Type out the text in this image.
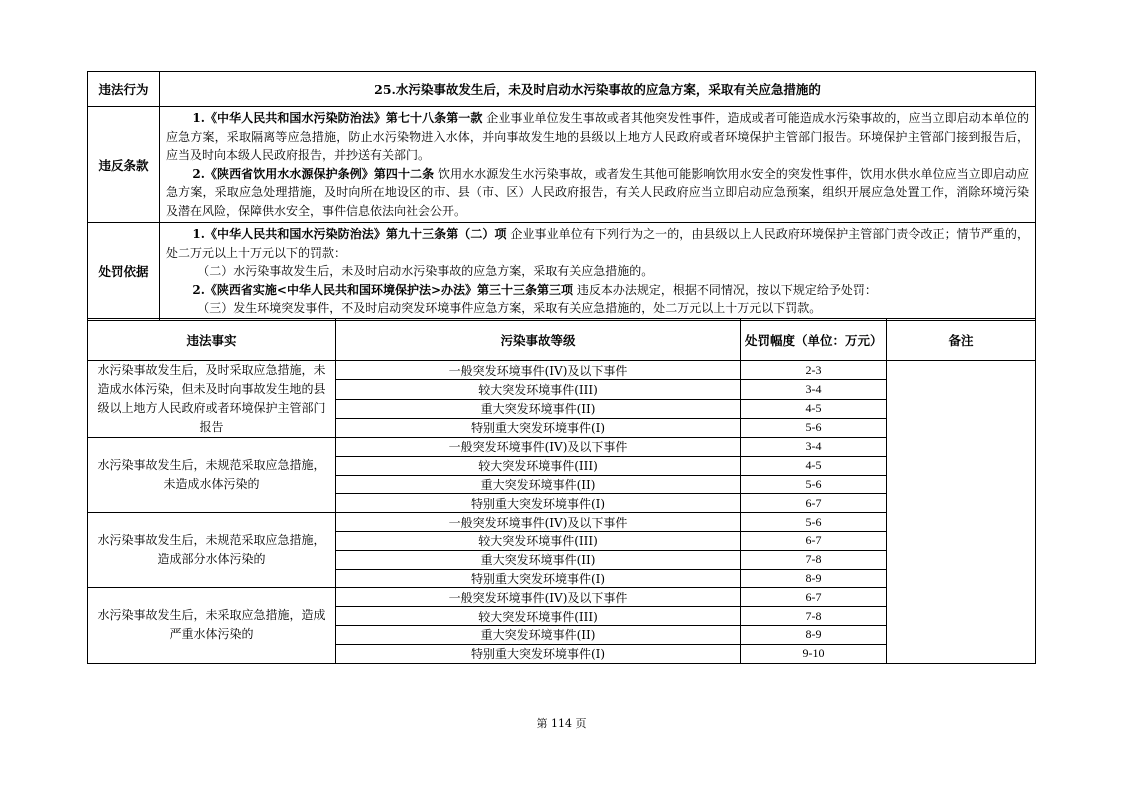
违法行为	25.水污染事故发生后，未及时启动水污染事故的应急方案，采取有关应急措施的
违反条款	1.《中华人民共和国水污染防治法》第七十八条第一款 企业事业单位发生事故或者其他突发性事件，造成或者可能造成水污染事故的，应当立即启动本单位的应急方案，采取隔离等应急措施，防止水污染物进入水体，并向事故发生地的县级以上地方人民政府或者环境保护主管部门报告。环境保护主管部门接到报告后，应当及时向本级人民政府报告，并抄送有关部门。

2.《陕西省饮用水水源保护条例》第四十二条 饮用水水源发生水污染事故，或者发生其他可能影响饮用水安全的突发性事件，饮用水供水单位应当立即启动应急方案，采取应急处理措施，及时向所在地设区的市、县（市、区）人民政府报告，有关人民政府应当立即启动应急预案，组织开展应急处置工作，消除环境污染及潜在风险，保障供水安全，事件信息依法向社会公开。

处罚依据	1.《中华人民共和国水污染防治法》第九十三条第（二）项 企业事业单位有下列行为之一的，由县级以上人民政府环境保护主管部门责令改正；情节严重的，处二万元以上十万元以下的罚款：

（二）水污染事故发生后，未及时启动水污染事故的应急方案，采取有关应急措施的。

2.《陕西省实施<中华人民共和国环境保护法>办法》第三十三条第三项 违反本办法规定，根据不同情况，按以下规定给予处罚：

（三）发生环境突发事件，不及时启动突发环境事件应急方案，采取有关应急措施的，处二万元以上十万元以下罚款。

违法事实	污染事故等级	处罚幅度（单位：万元）	备注
水污染事故发生后，及时采取应急措施，未造成水体污染，但未及时向事故发生地的县级以上地方人民政府或者环境保护主管部门报告	一般突发环境事件(IV)及以下事件	2-3	
	较大突发环境事件(III)	3-4	
	重大突发环境事件(II)	4-5	
	特别重大突发环境事件(I)	5-6	
水污染事故发生后，未规范采取应急措施，未造成水体污染的	一般突发环境事件(IV)及以下事件	3-4	
	较大突发环境事件(III)	4-5	
	重大突发环境事件(II)	5-6	
	特别重大突发环境事件(I)	6-7	
水污染事故发生后，未规范采取应急措施，造成部分水体污染的	一般突发环境事件(IV)及以下事件	5-6	
	较大突发环境事件(III)	6-7	
	重大突发环境事件(II)	7-8	
	特别重大突发环境事件(I)	8-9	
水污染事故发生后，未采取应急措施，造成严重水体污染的	一般突发环境事件(IV)及以下事件	6-7	
	较大突发环境事件(III)	7-8	
	重大突发环境事件(II)	8-9	
	特别重大突发环境事件(I)	9-10	
第 114 页
